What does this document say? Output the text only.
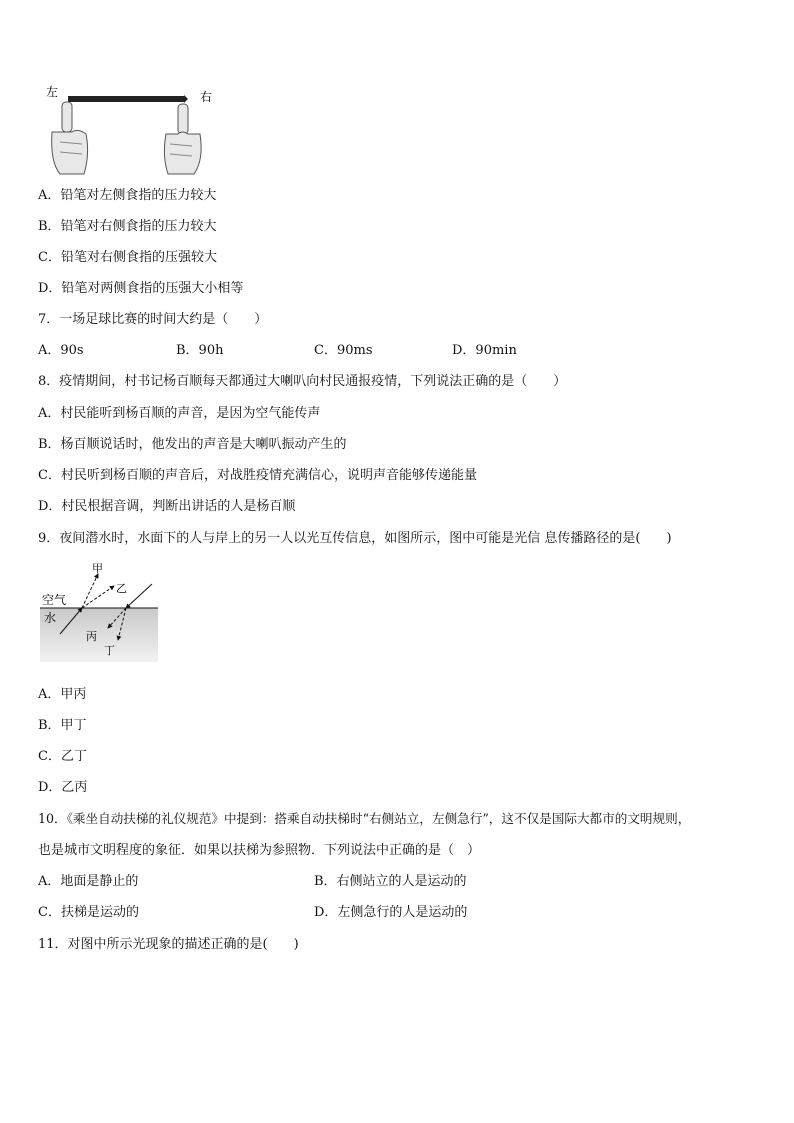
左	右
A．铅笔对左侧食指的压力较大
B．铅笔对右侧食指的压力较大
C．铅笔对右侧食指的压强较大
D．铅笔对两侧食指的压强大小相等
7．一场足球比赛的时间大约是（　　）
A．90s	B．90h	C．90ms	D．90min
8．疫情期间，村书记杨百顺每天都通过大喇叭向村民通报疫情，下列说法正确的是（　　）
A．村民能听到杨百顺的声音，是因为空气能传声
B．杨百顺说话时，他发出的声音是大喇叭振动产生的
C．村民听到杨百顺的声音后，对战胜疫情充满信心，说明声音能够传递能量
D．村民根据音调，判断出讲话的人是杨百顺
9．夜间潜水时，水面下的人与岸上的另一人以光互传信息，如图所示，图中可能是光信 息传播路径的是(　　)
甲
乙
空气
水
丙
丁
A．甲丙
B．甲丁
C．乙丁
D．乙丙
10．《乘坐自动扶梯的礼仪规范》中提到：搭乘自动扶梯时“右侧站立，左侧急行”，这不仅是国际大都市的文明规则，
也是城市文明程度的象征．如果以扶梯为参照物．下列说法中正确的是（　）
A．地面是静止的	B．右侧站立的人是运动的
C．扶梯是运动的	D．左侧急行的人是运动的
11．对图中所示光现象的描述正确的是(　　)
